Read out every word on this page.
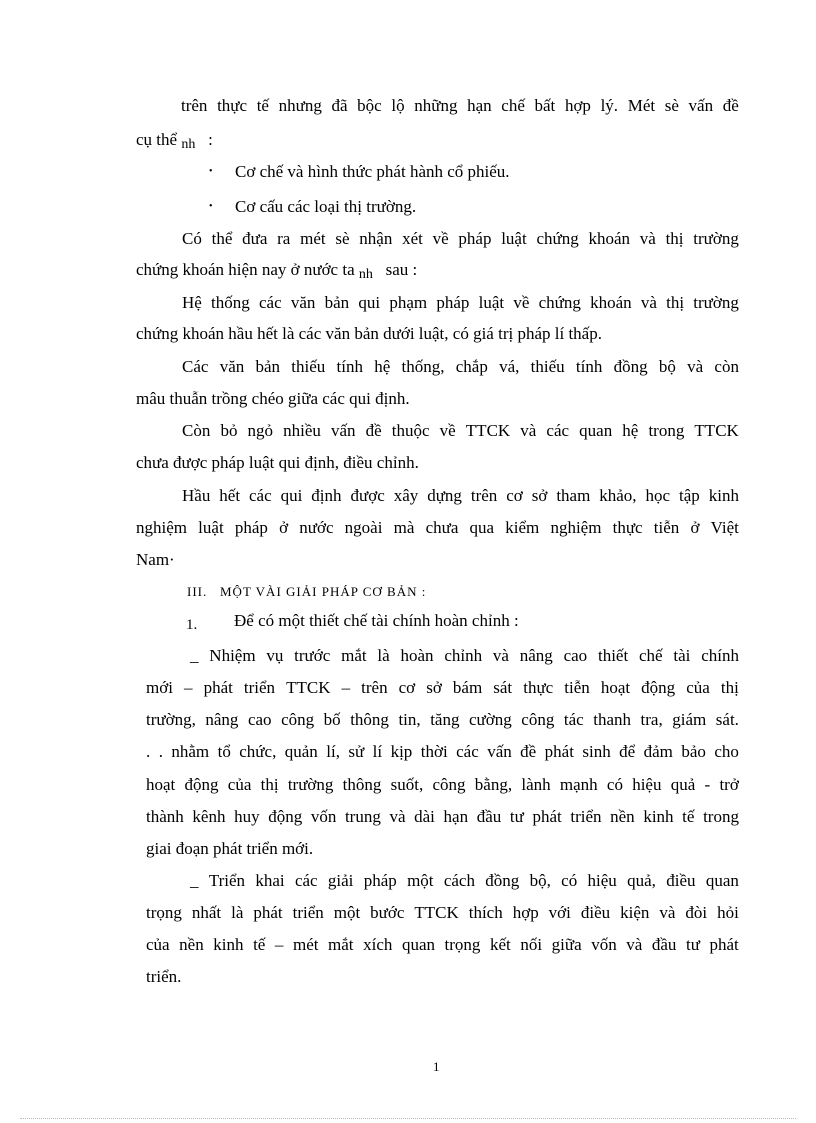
trên thực tế nhưng đã bộc lộ những hạn chế bất hợp lý. Mét sè vấn đề
cụ thể nh :
• Cơ chế và hình thức phát hành cổ phiếu.
• Cơ cấu các loại thị trường.
Có thể đưa ra mét sè nhận xét về pháp luật chứng khoán và thị trường
chứng khoán hiện nay ở nước ta nh sau :
Hệ thống các văn bản qui phạm pháp luật về chứng khoán và thị trường
chứng khoán hầu hết là các văn bản dưới luật, có giá trị pháp lí thấp.
Các văn bản thiếu tính hệ thống, chắp vá, thiếu tính đồng bộ và còn
mâu thuẫn trồng chéo giữa các qui định.
Còn bỏ ngỏ nhiều vấn đề thuộc về TTCK và các quan hệ trong TTCK
chưa được pháp luật qui định, điều chỉnh.
Hầu hết các qui định được xây dựng trên cơ sở tham khảo, học tập kinh
nghiệm luật pháp ở nước ngoài mà chưa qua kiểm nghiệm thực tiễn ở Việt
Nam·
III. MỘT VÀI GIẢI PHÁP CƠ BẢN :
1. Để có một thiết chế tài chính hoàn chỉnh :
_ Nhiệm vụ trước mắt là hoàn chỉnh và nâng cao thiết chế tài chính
mới – phát triển TTCK – trên cơ sở bám sát thực tiễn hoạt động của thị
trường, nâng cao công bố thông tin, tăng cường công tác thanh tra, giám sát.
. . nhằm tổ chức, quản lí, sử lí kịp thời các vấn đề phát sinh để đảm bảo cho
hoạt động của thị trường thông suốt, công bằng, lành mạnh có hiệu quả - trở
thành kênh huy động vốn trung và dài hạn đầu tư phát triển nền kinh tế trong
giai đoạn phát triển mới.
_ Triển khai các giải pháp một cách đồng bộ, có hiệu quả, điều quan
trọng nhất là phát triển một bước TTCK thích hợp với điều kiện và đòi hỏi
của nền kinh tế – mét mắt xích quan trọng kết nối giữa vốn và đầu tư phát
triển.
1
